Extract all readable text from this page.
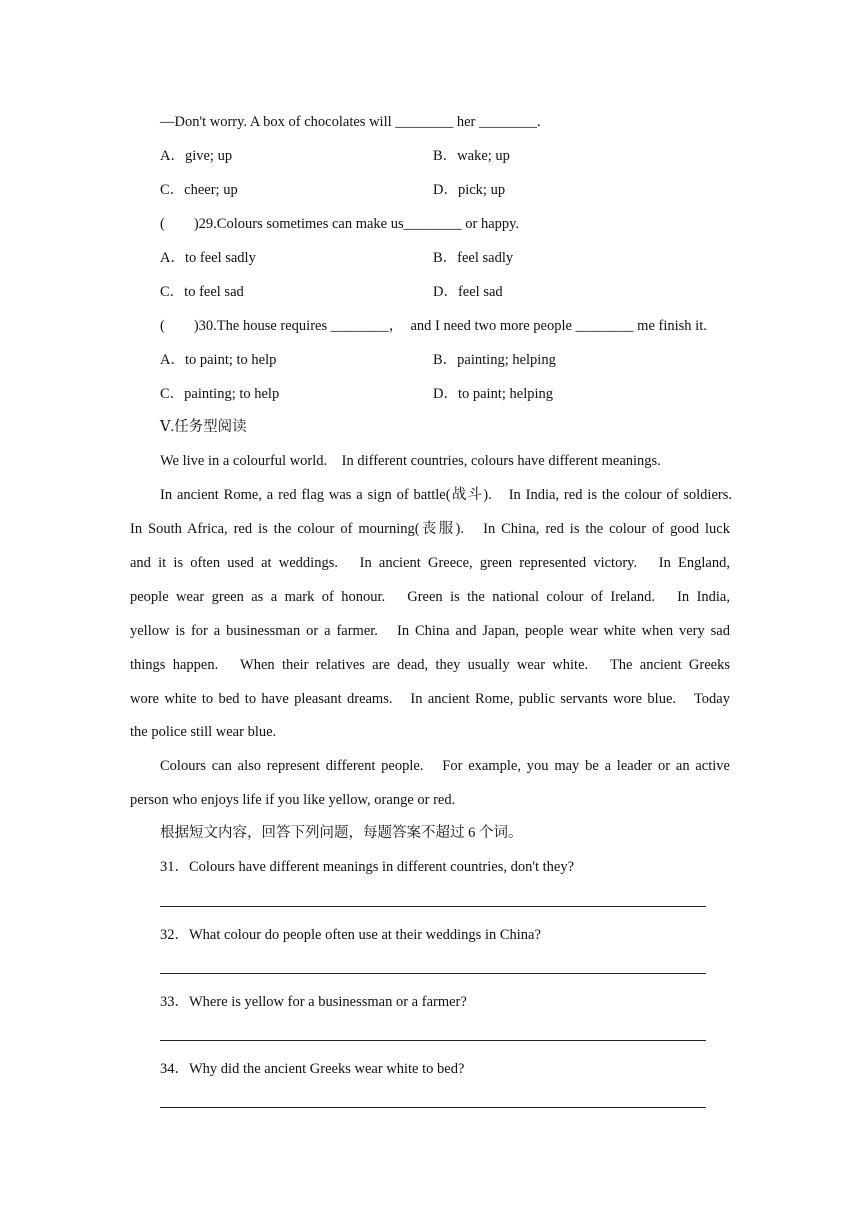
—Don't worry. A box of chocolates will ________ her ________.
A．give; up	B．wake; up
C．cheer; up	D．pick; up
(　　)29.Colours sometimes can make us________ or happy.
A．to feel sadly	B．feel sadly
C．to feel sad	D．feel sad
(　　)30.The house requires ________，　and I need two more people ________ me finish it.
A．to paint; to help	B．painting; helping
C．painting; to help	D．to paint; helping
Ⅴ.任务型阅读
We live in a colourful world.　In different countries, colours have different meanings.
In ancient Rome, a red flag was a sign of battle(战斗).　In India, red is the colour of soldiers.
In South Africa, red is the colour of mourning(丧服).　In China, red is the colour of good luck
and it is often used at weddings.　In ancient Greece, green represented victory.　In England,
people wear green as a mark of honour.　Green is the national colour of Ireland.　In India,
yellow is for a businessman or a farmer.　In China and Japan, people wear white when very sad
things happen.　When their relatives are dead, they usually wear white.　The ancient Greeks
wore white to bed to have pleasant dreams.　In ancient Rome, public servants wore blue.　Today
the police still wear blue.
Colours can also represent different people.　For example, you may be a leader or an active
person who enjoys life if you like yellow, orange or red.
根据短文内容，回答下列问题，每题答案不超过 6 个词。
31．Colours have different meanings in different countries, don't they?
32．What colour do people often use at their weddings in China?
33．Where is yellow for a businessman or a farmer?
34．Why did the ancient Greeks wear white to bed?
